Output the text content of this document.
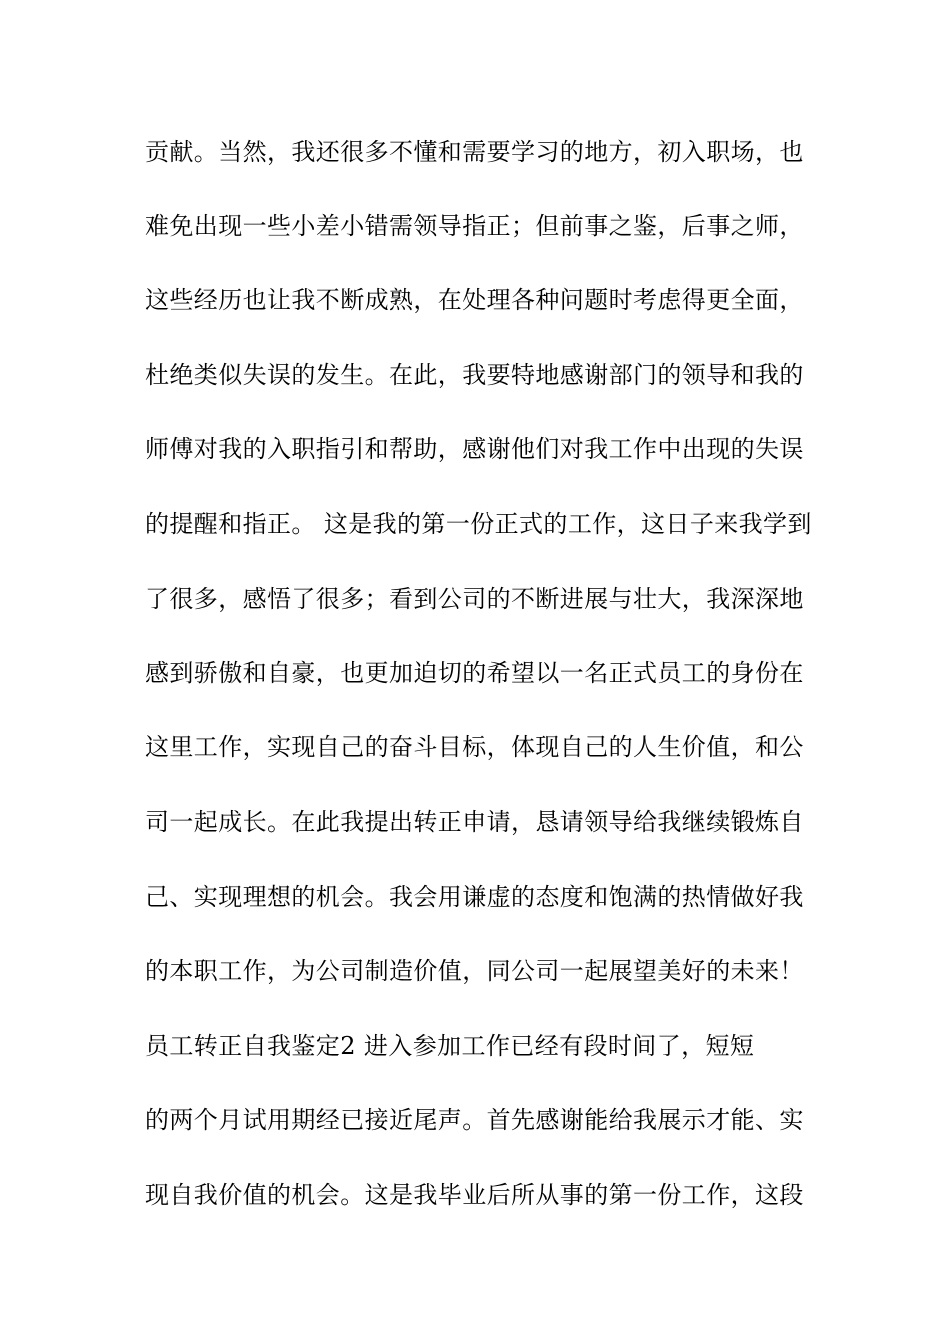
贡献。当然，我还很多不懂和需要学习的地方，初入职场，也
难免出现一些小差小错需领导指正；但前事之鉴，后事之师，
这些经历也让我不断成熟，在处理各种问题时考虑得更全面，
杜绝类似失误的发生。在此，我要特地感谢部门的领导和我的
师傅对我的入职指引和帮助，感谢他们对我工作中出现的失误
的提醒和指正。 这是我的第一份正式的工作，这日子来我学到
了很多，感悟了很多；看到公司的不断进展与壮大，我深深地
感到骄傲和自豪，也更加迫切的希望以一名正式员工的身份在
这里工作，实现自己的奋斗目标，体现自己的人生价值，和公
司一起成长。在此我提出转正申请，恳请领导给我继续锻炼自
己、实现理想的机会。我会用谦虚的态度和饱满的热情做好我
的本职工作，为公司制造价值，同公司一起展望美好的未来！
员工转正自我鉴定2 进入参加工作已经有段时间了，短短
的两个月试用期经已接近尾声。首先感谢能给我展示才能、实
现自我价值的机会。这是我毕业后所从事的第一份工作，这段
